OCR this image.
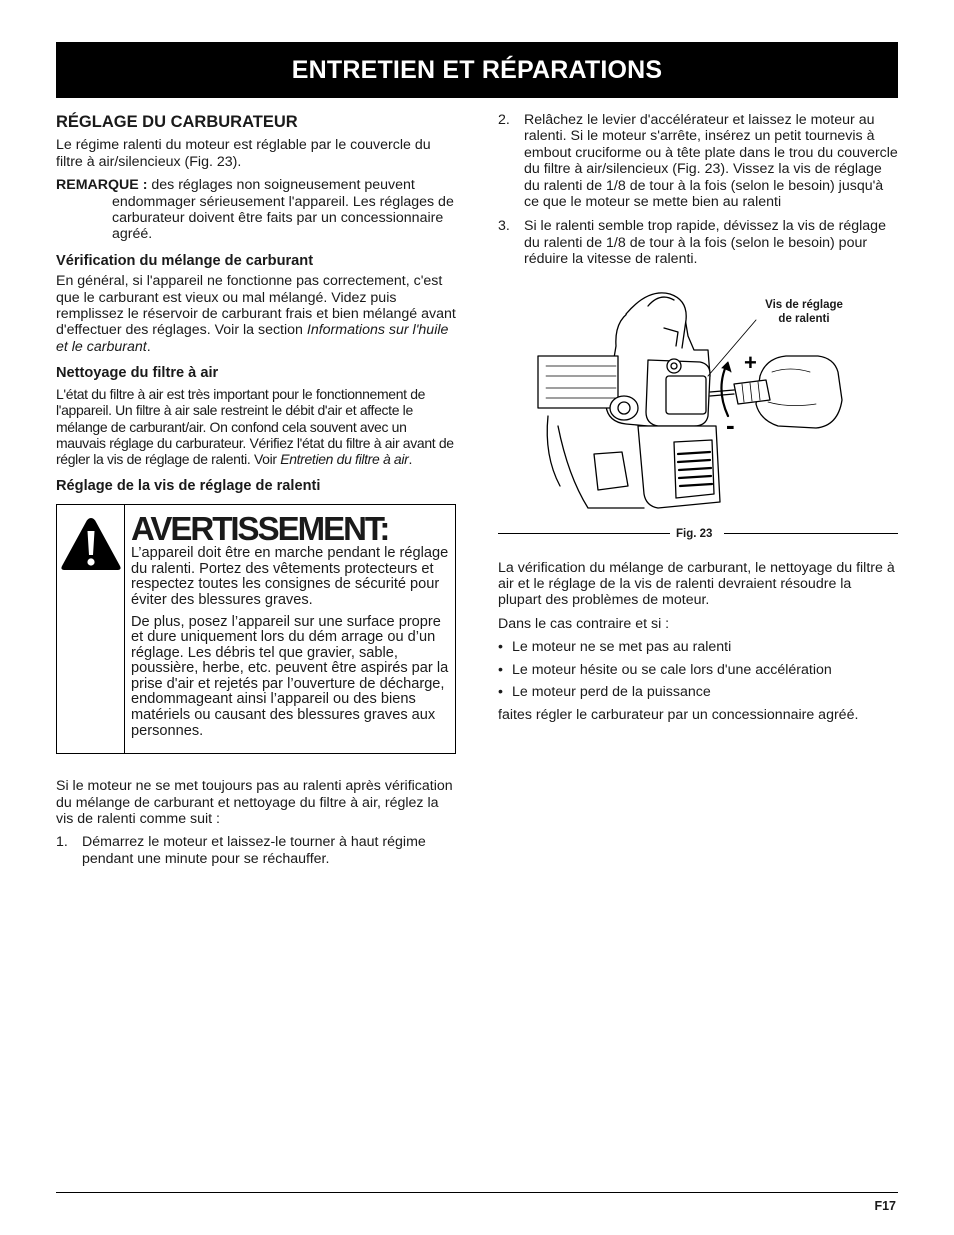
ENTRETIEN ET RÉPARATIONS
RÉGLAGE DU CARBURATEUR

Le régime ralenti du moteur est réglable par le couvercle du filtre à air/silencieux (Fig. 23).

REMARQUE : des réglages non soigneusement peuvent endommager sérieusement l'appareil. Les réglages de carburateur doivent être faits par un concessionnaire agréé.

Vérification du mélange de carburant

En général, si l'appareil ne fonctionne pas correctement, c'est que le carburant est vieux ou mal mélangé. Videz puis remplissez le réservoir de carburant frais et bien mélangé avant d'effectuer des réglages. Voir la section Informations sur l'huile et le carburant.

Nettoyage du filtre à air

L'état du filtre à air est très important pour le fonctionnement de l'appareil. Un filtre à air sale restreint le débit d'air et affecte le mélange de carburant/air. On confond cela souvent avec un mauvais réglage du carburateur. Vérifiez l'état du filtre à air avant de régler la vis de réglage de ralenti. Voir Entretien du filtre à air.

Réglage de la vis de réglage de ralenti
AVERTISSEMENT:

L’appareil doit être en marche pendant le réglage du ralenti. Portez des vêtements protecteurs et respectez toutes les consignes de sécurité pour éviter des blessures graves.

De plus, posez l’appareil sur une surface propre et dure uniquement lors du dém arrage ou d’un réglage. Les débris tel que gravier, sable, poussière, herbe, etc. peuvent être aspirés par la prise d'air et rejetés par l’ouverture de décharge, endommageant ainsi l’appareil ou des biens matériels ou causant des blessures graves aux personnes.

Si le moteur ne se met toujours pas au ralenti après vérification du mélange de carburant et nettoyage du filtre à air, réglez la vis de ralenti comme suit :

1. Démarrez le moteur et laissez-le tourner à haut régime pendant une minute pour se réchauffer.
2. Relâchez le levier d'accélérateur et laissez le moteur au ralenti. Si le moteur s'arrête, insérez un petit tournevis à embout cruciforme ou à tête plate dans le trou du couvercle du filtre à air/silencieux (Fig. 23). Vissez la vis de réglage du ralenti de 1/8 de tour à la fois (selon le besoin) jusqu'à ce que le moteur se mette bien au ralenti
3. Si le ralenti semble trop rapide, dévissez la vis de réglage du ralenti de 1/8 de tour à la fois (selon le besoin) pour réduire la vitesse de ralenti.
+
-
Vis de réglage
de ralenti
Fig. 23

La vérification du mélange de carburant, le nettoyage du filtre à air et le réglage de la vis de ralenti devraient résoudre la plupart des problèmes de moteur.

Dans le cas contraire et si :

• Le moteur ne se met pas au ralenti
• Le moteur hésite ou se cale lors d'une accélération
• Le moteur perd de la puissance

faites régler le carburateur par un concessionnaire agréé.

F17
